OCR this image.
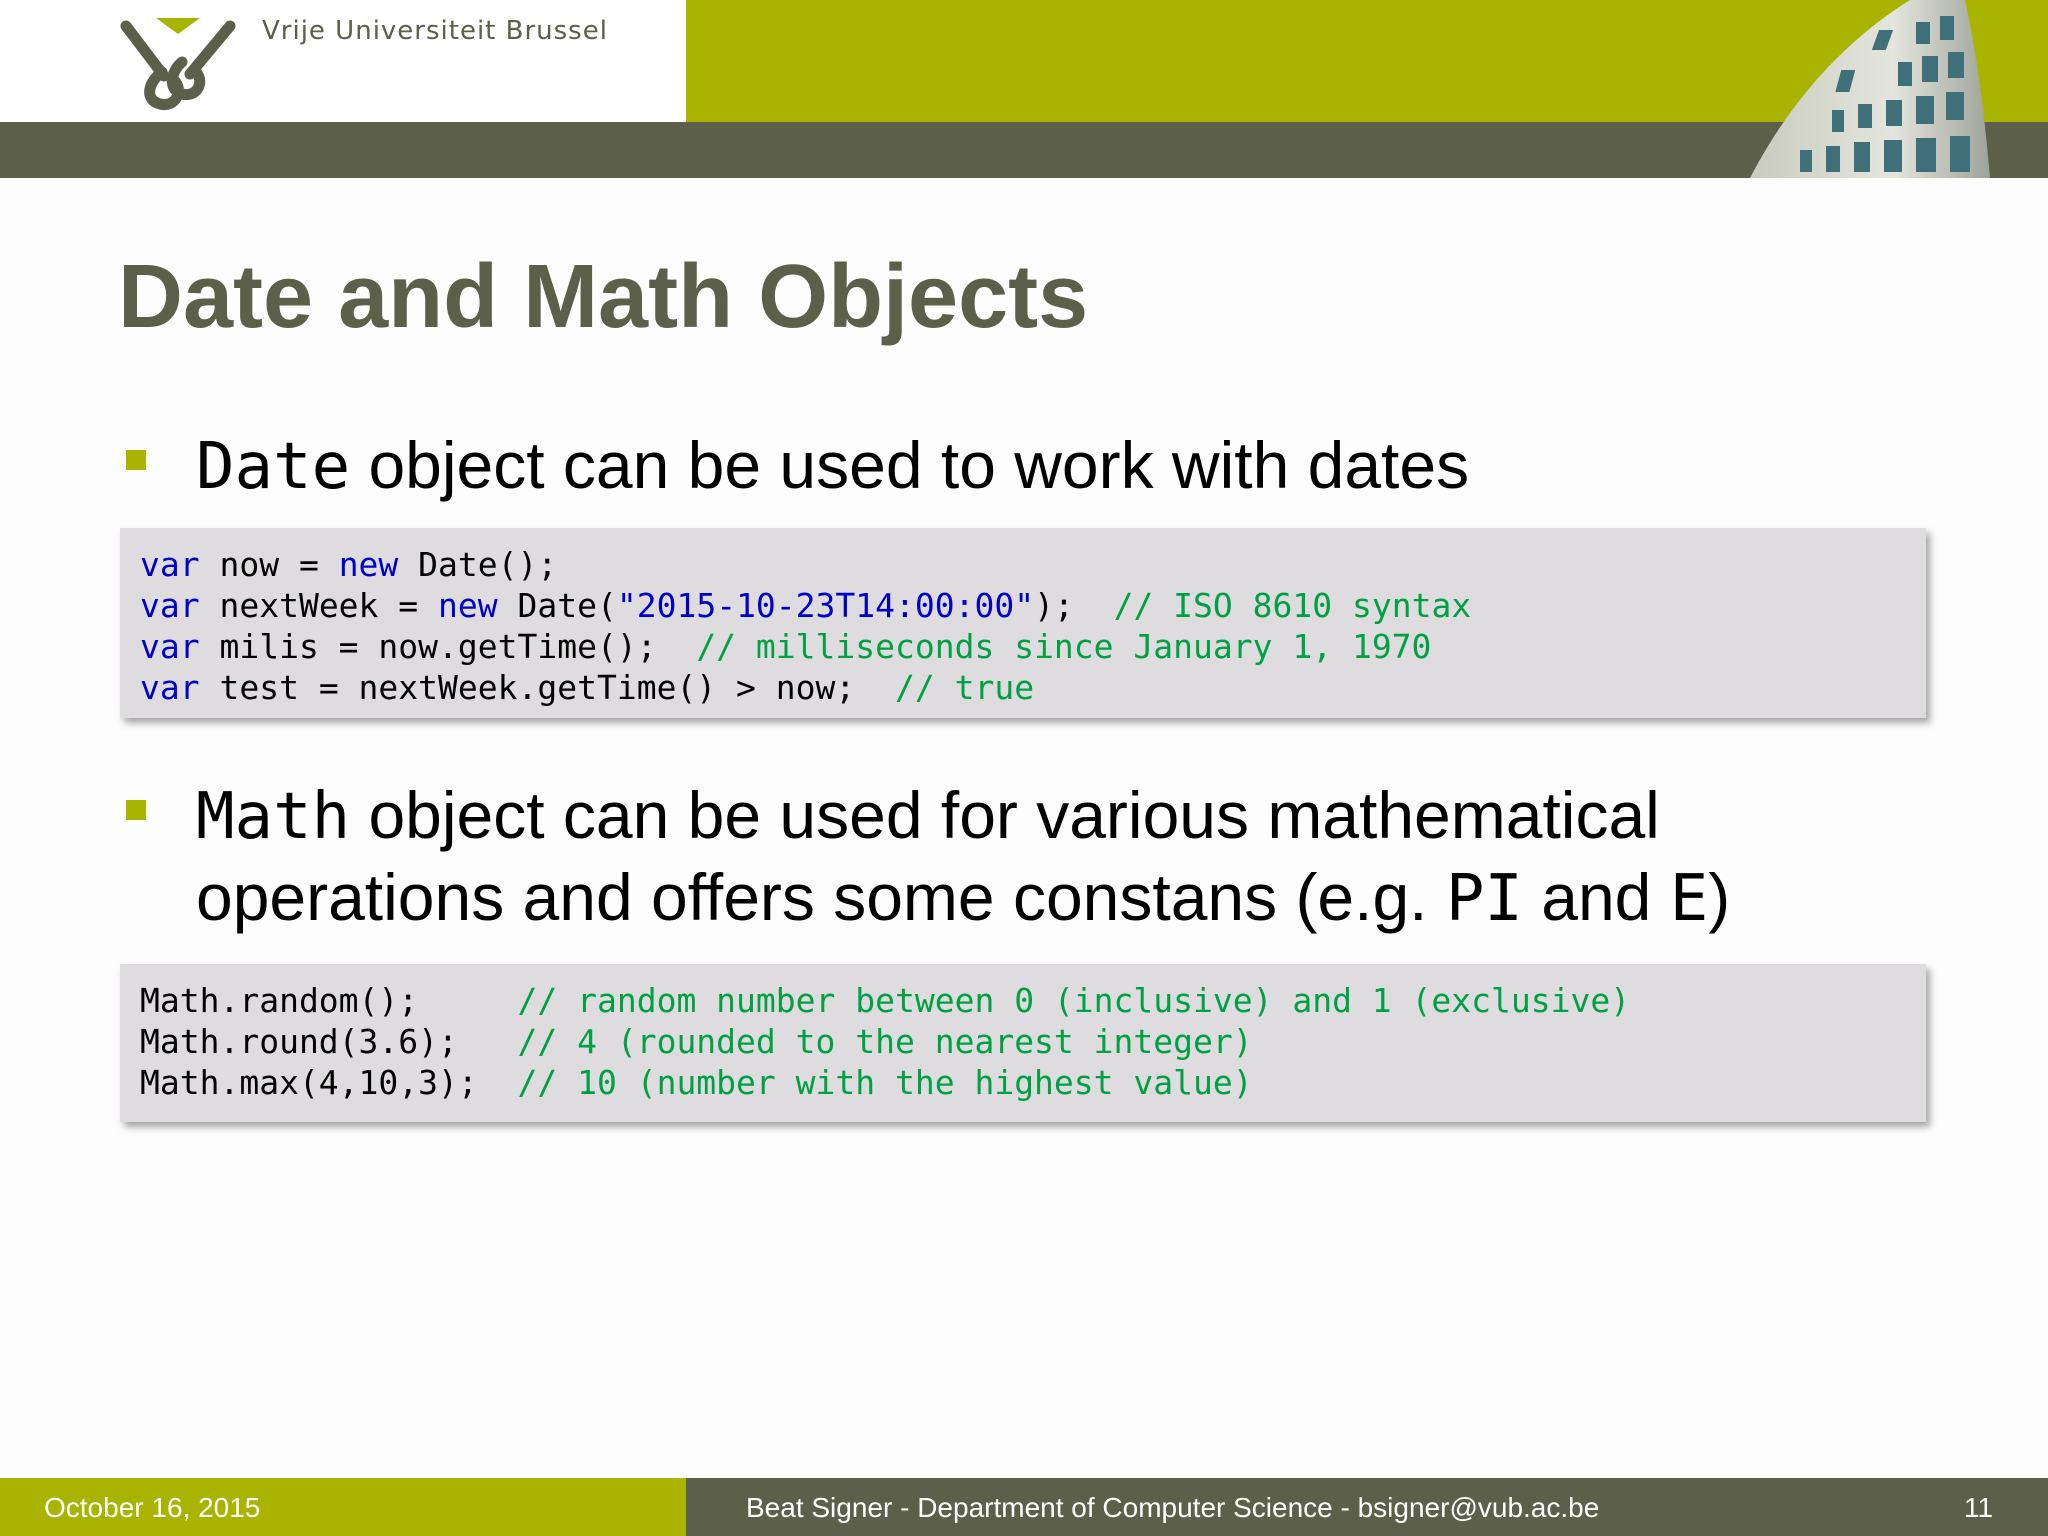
Vrije Universiteit Brussel
Date and Math Objects

Date object can be used to work with dates

var now = new Date();
var nextWeek = new Date("2015-10-23T14:00:00");  // ISO 8610 syntax
var milis = now.getTime();  // milliseconds since January 1, 1970
var test = nextWeek.getTime() > now;  // true

Math object can be used for various mathematical

operations and offers some constans (e.g. PI and E)

Math.random();     // random number between 0 (inclusive) and 1 (exclusive)
Math.round(3.6);   // 4 (rounded to the nearest integer)
Math.max(4,10,3);  // 10 (number with the highest value)
October 16, 2015	Beat Signer - Department of Computer Science - bsigner@vub.ac.be	11
